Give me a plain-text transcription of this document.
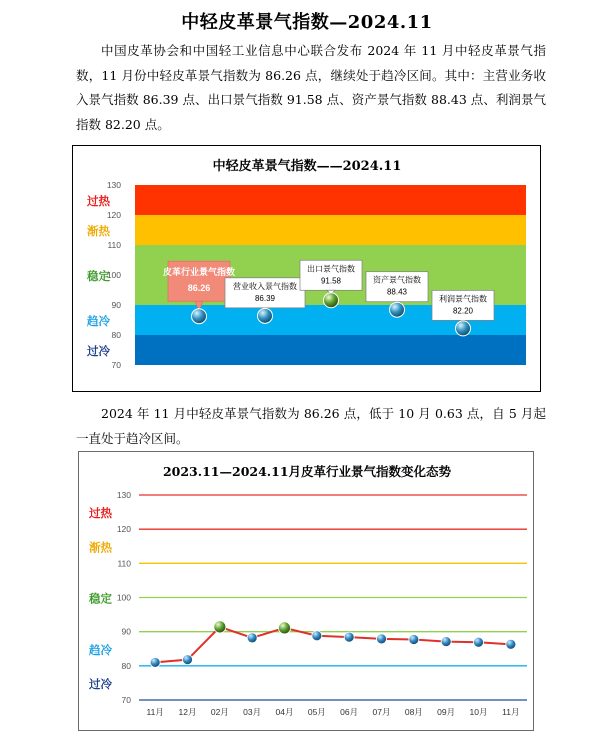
中轻皮革景气指数—2024.11

中国皮革协会和中国轻工业信息中心联合发布 2024 年 11 月中轻皮革景气指数，11 月份中轻皮革景气指数为 86.26 点，继续处于趋冷区间。其中：主营业务收入景气指数 86.39 点、出口景气指数 91.58 点、资产景气指数 88.43 点、利润景气指数 82.20 点。

中轻皮革景气指数——2024.11
过热
渐热
稳定
趋冷
过冷
130
120
110
100
90
80
70
皮革行业景气指数
86.26	营业收入景气指数
86.39
出口景气指数
91.58	资产景气指数
88.43
利润景气指数
82.20

2024 年 11 月中轻皮革景气指数为 86.26 点，低于 10 月 0.63 点，自 5 月起一直处于趋冷区间。

2023.11—2024.11月皮革行业景气指数变化态势
130
120
110
100
90
80
70
过热
渐热
稳定
趋冷
过冷
11月 12月 02月 03月 04月 05月 06月 07月 08月 09月 10月 11月
